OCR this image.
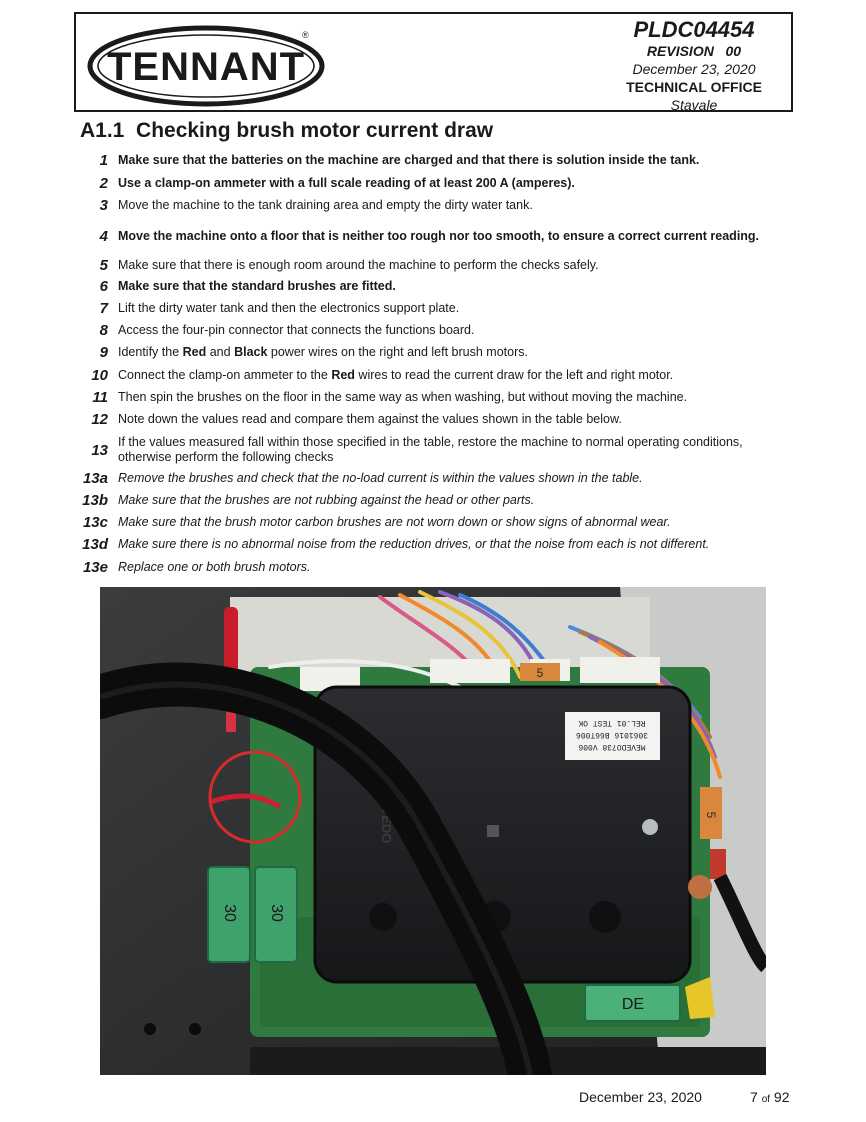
TENNANT
®	PLDC04454
REVISION   00
December 23, 2020
TECHNICAL OFFICE
Stavale
A1.1  Checking brush motor current draw
1 Make sure that the batteries on the machine are charged and that there is solution inside the tank.
2 Use a clamp-on ammeter with a full scale reading of at least 200 A (amperes).
3 Move the machine to the tank draining area and empty the dirty water tank.
4 Move the machine onto a floor that is neither too rough nor too smooth, to ensure a correct current reading.
5 Make sure that there is enough room around the machine to perform the checks safely.
6 Make sure that the standard brushes are fitted.
7 Lift the dirty water tank and then the electronics support plate.
8 Access the four-pin connector that connects the functions board.
9 Identify the Red and Black power wires on the right and left brush motors.
10 Connect the clamp-on ammeter to the Red wires to read the current draw for the left and right motor.
11 Then spin the brushes on the floor in the same way as when washing, but without moving the machine.
12 Note down the values read and compare them against the values shown in the table below.
13 If the values measured fall within those specified in the table, restore the machine to normal operating conditions, otherwise perform the following checks
13a Remove the brushes and check that the no-load current is within the values shown in the table.
13b Make sure that the brushes are not rubbing against the head or other parts.
13c Make sure that the brush motor carbon brushes are not worn down or show signs of abnormal wear.
13d Make sure there is no abnormal noise from the reduction drives, or that the noise from each is not different.
13e Replace one or both brush motors.
5
REL.01 TEST OK
3061016 B66T006
MEVEDO738 V006
MEVEDO	5
30 30
DE
December 23, 2020	7 of 92
